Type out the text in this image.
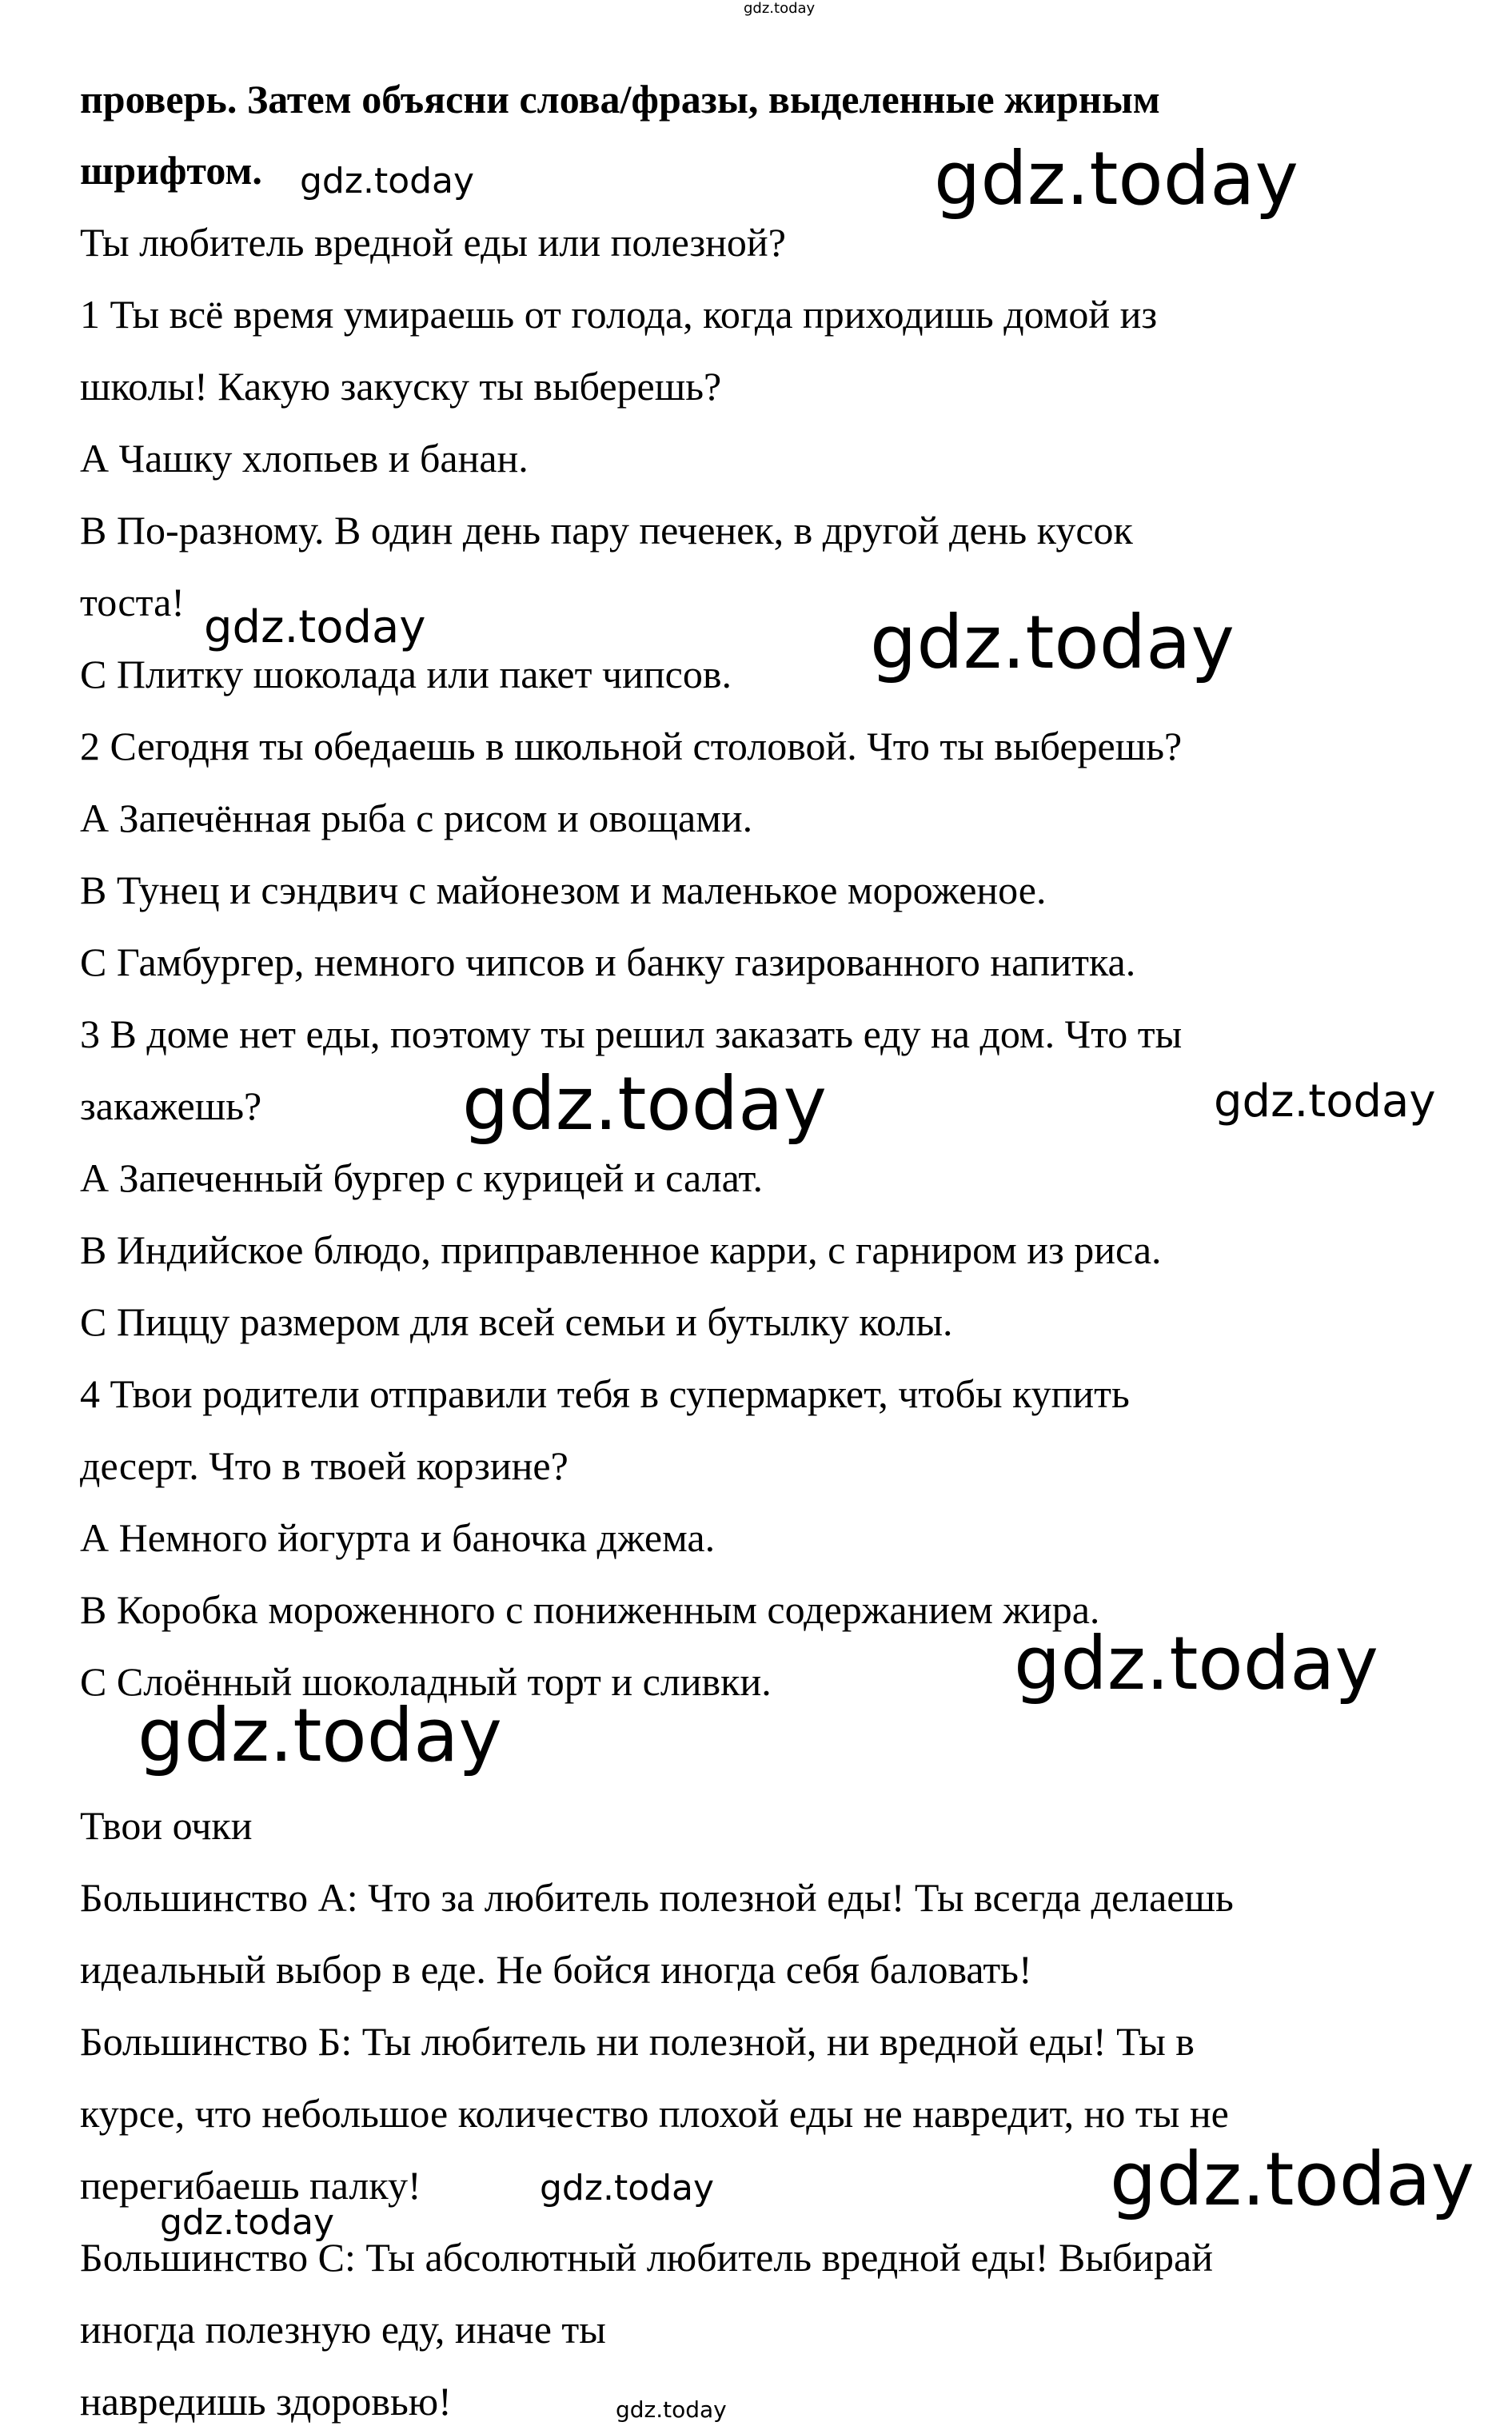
проверь. Затем объясни слова/фразы, выделенные жирным
шрифтом.
Ты любитель вредной еды или полезной?
1 Ты всё время умираешь от голода, когда приходишь домой из
школы! Какую закуску ты выберешь?
А Чашку хлопьев и банан.
В По-разному. В один день пару печенек, в другой день кусок
тоста!
С Плитку шоколада или пакет чипсов.
2 Сегодня ты обедаешь в школьной столовой. Что ты выберешь?
А Запечённая рыба с рисом и овощами.
В Тунец и сэндвич с майонезом и маленькое мороженое.
С Гамбургер, немного чипсов и банку газированного напитка.
3 В доме нет еды, поэтому ты решил заказать еду на дом. Что ты
закажешь?
А Запеченный бургер с курицей и салат.
В Индийское блюдо, приправленное карри, с гарниром из риса.
С Пиццу размером для всей семьи и бутылку колы.
4 Твои родители отправили тебя в супермаркет, чтобы купить
десерт. Что в твоей корзине?
А Немного йогурта и баночка джема.
В Коробка мороженного с пониженным содержанием жира.
С Слоённый шоколадный торт и сливки.
Твои очки
Большинство А: Что за любитель полезной еды! Ты всегда делаешь
идеальный выбор в еде. Не бойся иногда себя баловать!
Большинство Б: Ты любитель ни полезной, ни вредной еды! Ты в
курсе, что небольшое количество плохой еды не навредит, но ты не
перегибаешь палку!
Большинство С: Ты абсолютный любитель вредной еды! Выбирай
иногда полезную еду, иначе ты
навредишь здоровью!
gdz.today
gdz.today	gdz.today
gdz.today	gdz.today
gdz.today	gdz.today
gdz.today
gdz.today
gdz.today	gdz.today
gdz.today
gdz.today
